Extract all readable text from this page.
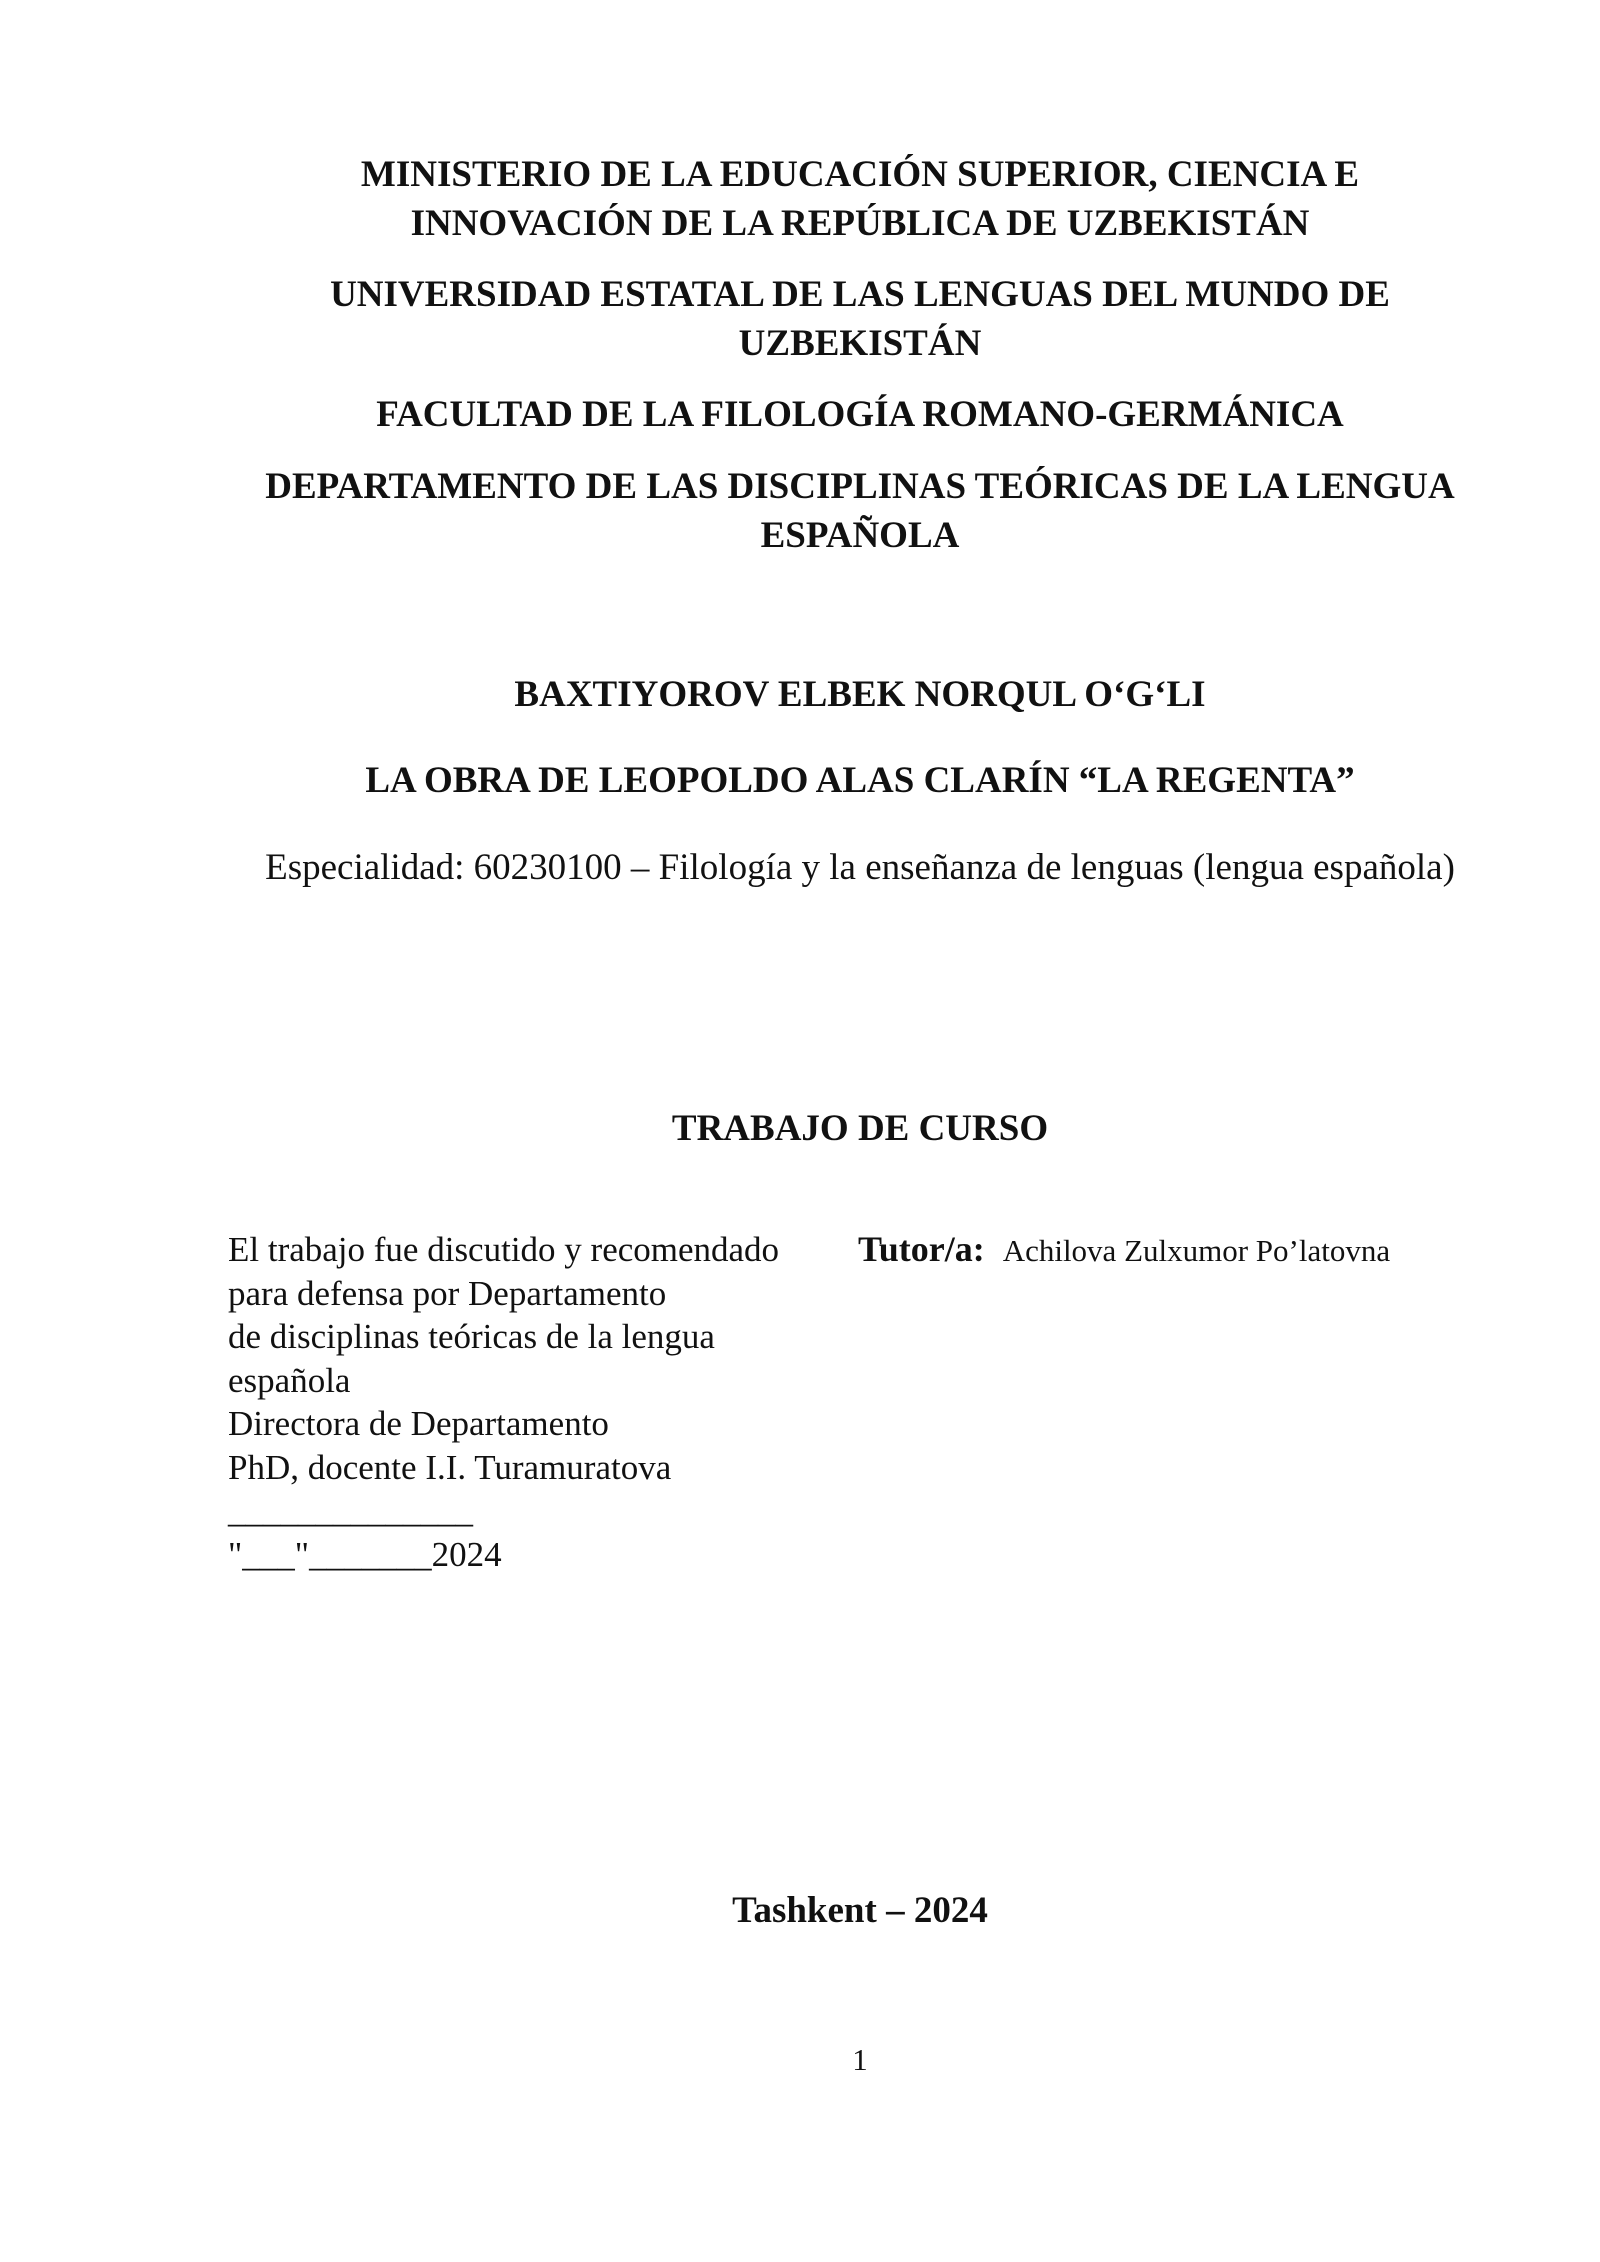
MINISTERIO DE LA EDUCACIÓN SUPERIOR, CIENCIA E
INNOVACIÓN DE LA REPÚBLICA DE UZBEKISTÁN
UNIVERSIDAD ESTATAL DE LAS LENGUAS DEL MUNDO DE
UZBEKISTÁN
FACULTAD DE LA FILOLOGÍA ROMANO-GERMÁNICA
DEPARTAMENTO DE LAS DISCIPLINAS TEÓRICAS DE LA LENGUA
ESPAÑOLA
BAXTIYOROV ELBEK NORQUL O‘G‘LI
LA OBRA DE LEOPOLDO ALAS CLARÍN “LA REGENTA”
Especialidad: 60230100 – Filología y la enseñanza de lenguas (lengua española)
TRABAJO DE CURSO
El trabajo fue discutido y recomendado
para defensa por Departamento
de disciplinas teóricas de la lengua
española
Directora de Departamento
PhD, docente I.I. Turamuratova
______________
"___"_______2024
Tutor/a: Achilova Zulxumor Po’latovna
Tashkent – 2024
1
